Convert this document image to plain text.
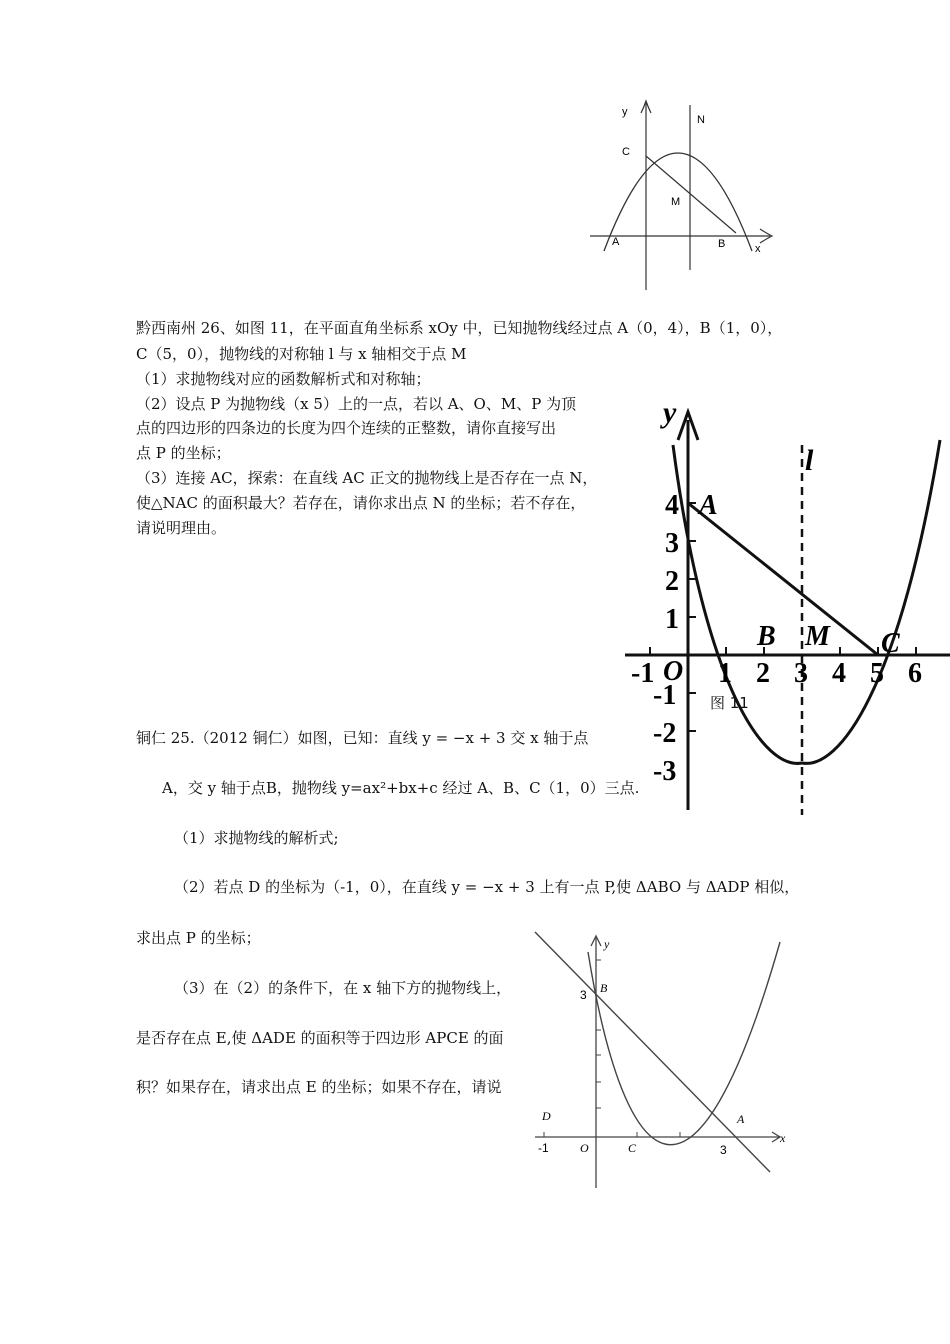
y
x
N
C
M
A	B
黔西南州 26、如图 11，在平面直角坐标系 xOy 中，已知抛物线经过点 A（0，4），B（1，0），
C（5，0），抛物线的对称轴 l 与 x 轴相交于点 M
（1）求抛物线对应的函数解析式和对称轴；
（2）设点 P 为抛物线（x 5）上的一点，若以 A、O、M、P 为顶
点的四边形的四条边的长度为四个连续的正整数，请你直接写出
点 P 的坐标；
（3）连接 AC，探索：在直线 AC 正文的抛物线上是否存在一点 N，
使△NAC 的面积最大？若存在，请你求出点 N 的坐标；若不存在，
请说明理由。
y
l
A
B M C
O
-1 1 2 3 4 5 6
4
3
2
1
-1
-2
-3
图 11
铜仁 25.（2012 铜仁）如图，已知：直线 y = −x + 3 交 x 轴于点
A，交 y 轴于点B，抛物线 y=ax²+bx+c 经过 A、B、C（1，0）三点.
（1）求抛物线的解析式;
（2）若点 D 的坐标为（-1，0），在直线 y = −x + 3 上有一点 P,使 ΔABO 与 ΔADP 相似，
求出点 P 的坐标；
（3）在（2）的条件下，在 x 轴下方的抛物线上，
是否存在点 E,使 ΔADE 的面积等于四边形 APCE 的面
积？如果存在，请求出点 E 的坐标；如果不存在，请说
y
x
B
3
A
C
O
D
-1	3
